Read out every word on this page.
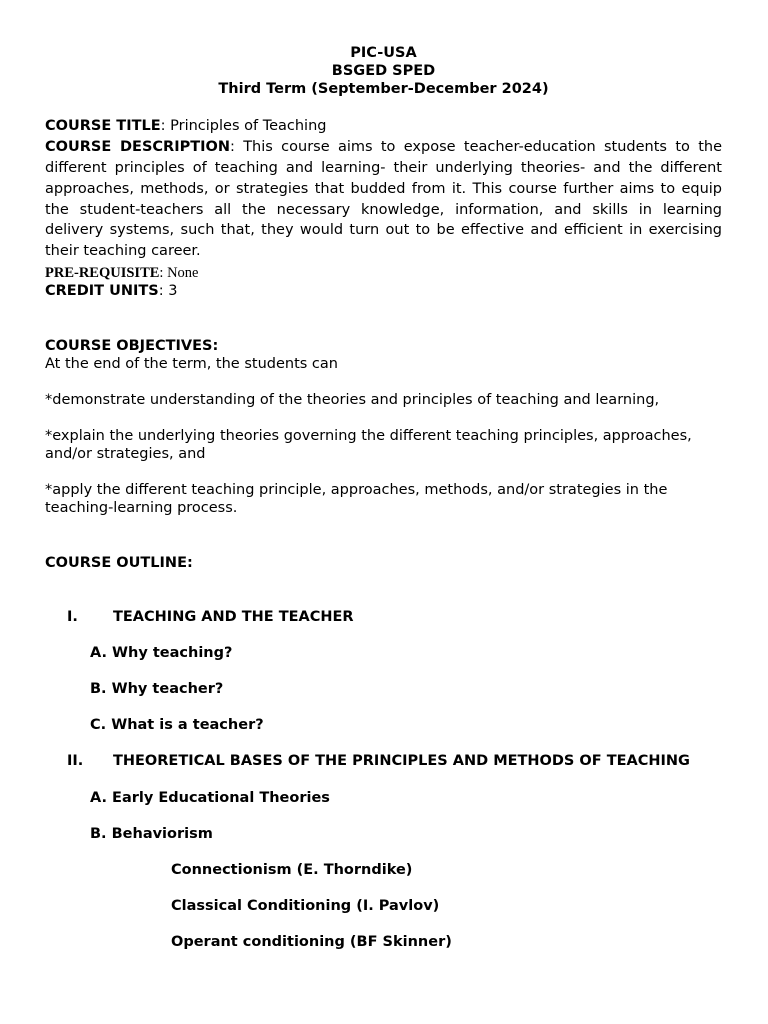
PIC-USA
BSGED SPED
Third Term (September-December 2024)
COURSE TITLE: Principles of Teaching
COURSE DESCRIPTION: This course aims to expose teacher-education students to the different principles of teaching and learning- their underlying theories- and the different approaches, methods, or strategies that budded from it. This course further aims to equip the student-teachers all the necessary knowledge, information, and skills in learning delivery systems, such that, they would turn out to be effective and efficient in exercising their teaching career.
PRE-REQUISITE: None
CREDIT UNITS: 3
COURSE OBJECTIVES:
At the end of the term, the students can
*demonstrate understanding of the theories and principles of teaching and learning,
*explain the underlying theories governing the different teaching principles, approaches, and/or strategies, and
*apply the different teaching principle, approaches, methods, and/or strategies in the teaching-learning process.
COURSE OUTLINE:
I. TEACHING AND THE TEACHER
A. Why teaching?
B. Why teacher?
C. What is a teacher?
II. THEORETICAL BASES OF THE PRINCIPLES AND METHODS OF TEACHING
A. Early Educational Theories
B. Behaviorism
Connectionism (E. Thorndike)
Classical Conditioning (I. Pavlov)
Operant conditioning (BF Skinner)
